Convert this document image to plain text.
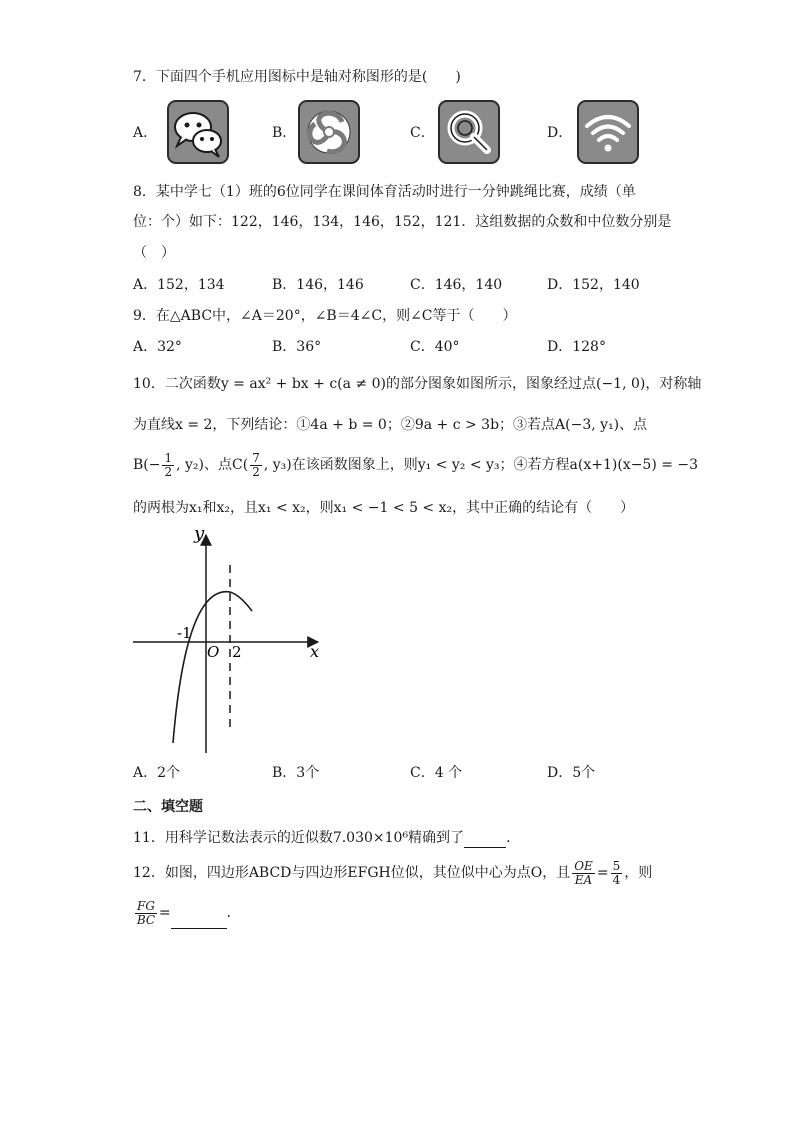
7．下面四个手机应用图标中是轴对称图形的是(　　)
A．	B．	C．	D．
8．某中学七（1）班的6位同学在课间体育活动时进行一分钟跳绳比赛，成绩（单
位：个）如下：122，146，134，146，152，121．这组数据的众数和中位数分别是
（　）
A．152，134	B．146，146	C．146，140	D．152，140
9．在△ABC中，∠A＝20°，∠B＝4∠C，则∠C等于（　　）
A．32°	B．36°	C．40°	D．128°
10．二次函数y = ax² + bx + c(a ≠ 0)的部分图象如图所示，图象经过点(−1, 0)，对称轴
为直线x = 2，下列结论：①4a + b = 0；②9a + c > 3b；③若点A(−3, y₁)、点
$B(- \frac{1}{2}$ , y₂)、点$C( \frac{7}{2}$ , y₃)在该函数图象上，则y₁ < y₂ < y₃；④若方程a(x+1)(x−5) = −3
的两根为x₁和x₂，且x₁ < x₂，则x₁ < −1 < 5 < x₂，其中正确的结论有（　　）
y
x
O 2
-1
A．2个	B．3个	C．4 个	D．5个
二、填空题
11．用科学记数法表示的近似数7.030×10⁶精确到了	．
12．如图，四边形ABCD与四边形EFGH位似，其位似中心为点O，且 $\frac{OE}{EA} = \frac{5}{4}$ ，则
$\frac{FG}{BC}$ =	．
